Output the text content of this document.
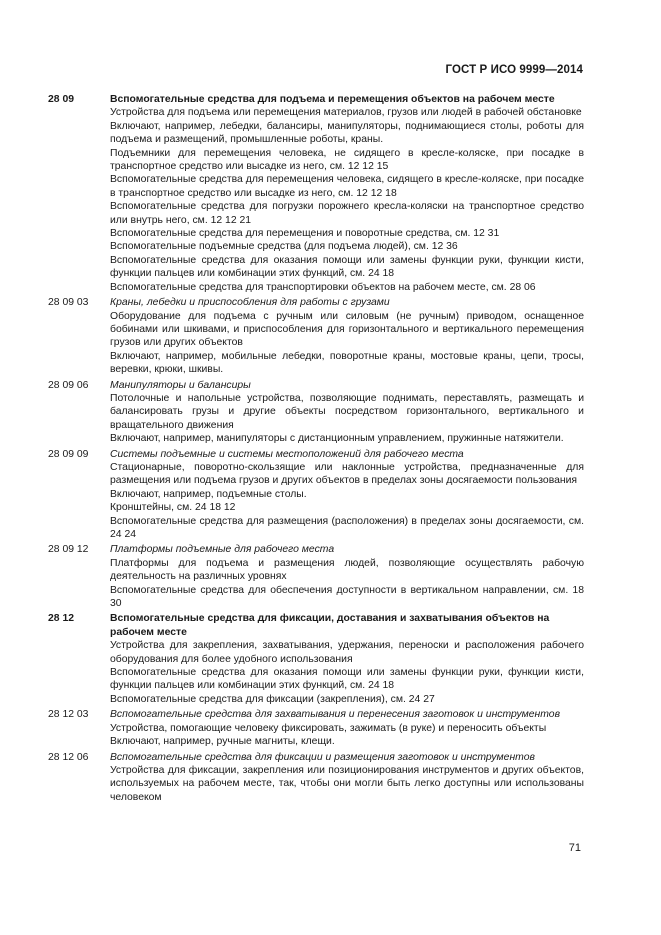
ГОСТ Р ИСО 9999—2014
28 09	Вспомогательные средства для подъема и перемещения объектов на рабочем месте
Устройства для подъема или перемещения материалов, грузов или людей в рабочей обстановке
Включают, например, лебедки, балансиры, манипуляторы, поднимающиеся столы, роботы для подъема и размещений, промышленные роботы, краны.
Подъемники для перемещения человека, не сидящего в кресле-коляске, при посадке в транспортное средство или высадке из него, см. 12 12 15
Вспомогательные средства для перемещения человека, сидящего в кресле-коляске, при посадке в транспортное средство или высадке из него, см. 12 12 18
Вспомогательные средства для погрузки порожнего кресла-коляски на транспортное средство или внутрь него, см. 12 12 21
Вспомогательные средства для перемещения и поворотные средства, см. 12 31
Вспомогательные подъемные средства (для подъема людей), см. 12 36
Вспомогательные средства для оказания помощи или замены функции руки, функции кисти, функции пальцев или комбинации этих функций, см. 24 18
Вспомогательные средства для транспортировки объектов на рабочем месте, см. 28 06
28 09 03	Краны, лебедки и приспособления для работы с грузами
Оборудование для подъема с ручным или силовым (не ручным) приводом, оснащенное бобинами или шкивами, и приспособления для горизонтального и вертикального перемещения грузов или других объектов
Включают, например, мобильные лебедки, поворотные краны, мостовые краны, цепи, тросы, веревки, крюки, шкивы.
28 09 06	Манипуляторы и балансиры
Потолочные и напольные устройства, позволяющие поднимать, переставлять, размещать и балансировать грузы и другие объекты посредством горизонтального, вертикального и вращательного движения
Включают, например, манипуляторы с дистанционным управлением, пружинные натяжители.
28 09 09	Системы подъемные и системы местоположений для рабочего места
Стационарные, поворотно-скользящие или наклонные устройства, предназначенные для размещения или подъема грузов и других объектов в пределах зоны досягаемости пользования
Включают, например, подъемные столы.
Кронштейны, см. 24 18 12
Вспомогательные средства для размещения (расположения) в пределах зоны досягаемости, см. 24 24
28 09 12	Платформы подъемные для рабочего места
Платформы для подъема и размещения людей, позволяющие осуществлять рабочую деятельность на различных уровнях
Вспомогательные средства для обеспечения доступности в вертикальном направлении, см. 18 30
28 12	Вспомогательные средства для фиксации, доставания и захватывания объектов на рабочем месте
Устройства для закрепления, захватывания, удержания, переноски и расположения рабочего оборудования для более удобного использования
Вспомогательные средства для оказания помощи или замены функции руки, функции кисти, функции пальцев или комбинации этих функций, см. 24 18
Вспомогательные средства для фиксации (закрепления), см. 24 27
28 12 03	Вспомогательные средства для захватывания и перенесения заготовок и инструментов
Устройства, помогающие человеку фиксировать, зажимать (в руке) и переносить объекты
Включают, например, ручные магниты, клещи.
28 12 06	Вспомогательные средства для фиксации и размещения заготовок и инструментов
Устройства для фиксации, закрепления или позиционирования инструментов и других объектов, используемых на рабочем месте, так, чтобы они могли быть легко доступны или использованы человеком
71
